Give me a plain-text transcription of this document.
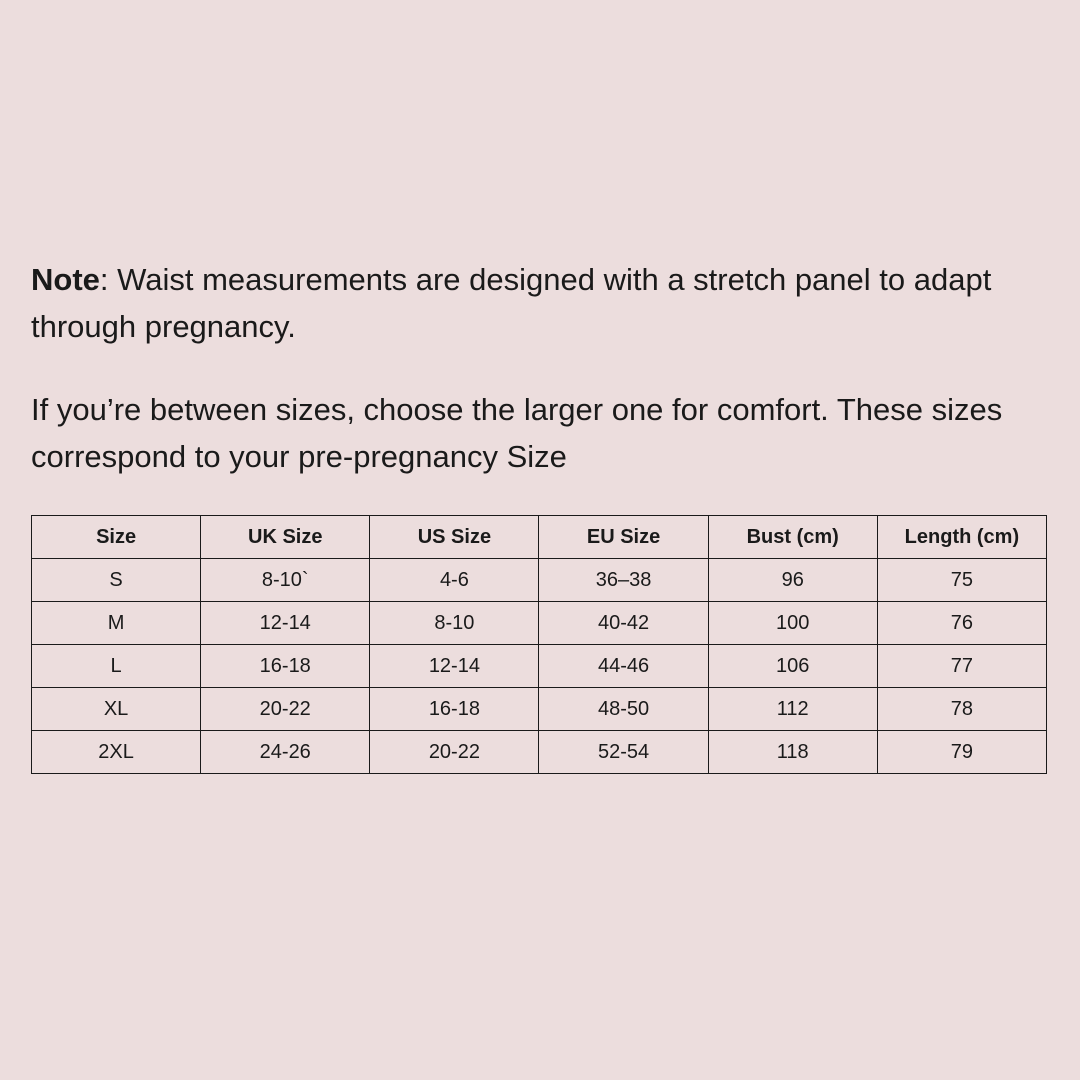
Note: Waist measurements are designed with a stretch panel to adapt through pregnancy.
If you’re between sizes, choose the larger one for comfort. These sizes correspond to your pre-pregnancy Size
Size	UK Size	US Size	EU Size	Bust (cm)	Length (cm)
S	8-10`	4-6	36–38	96	75
M	12-14	8-10	40-42	100	76
L	16-18	12-14	44-46	106	77
XL	20-22	16-18	48-50	112	78
2XL	24-26	20-22	52-54	118	79
